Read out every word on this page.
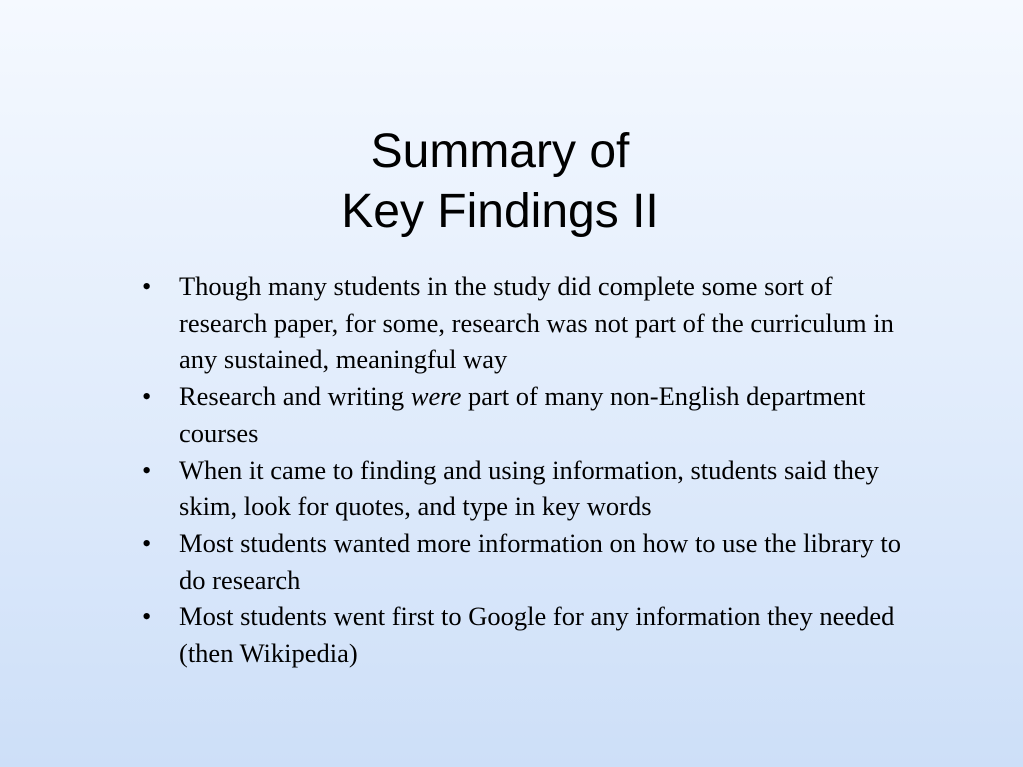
Summary of
Key Findings II
• Though many students in the study did complete some sort of research paper, for some, research was not part of the curriculum in any sustained, meaningful way
• Research and writing were part of many non-English department courses
• When it came to finding and using information, students said they skim, look for quotes, and type in key words
• Most students wanted more information on how to use the library to do research
• Most students went first to Google for any information they needed (then Wikipedia)
